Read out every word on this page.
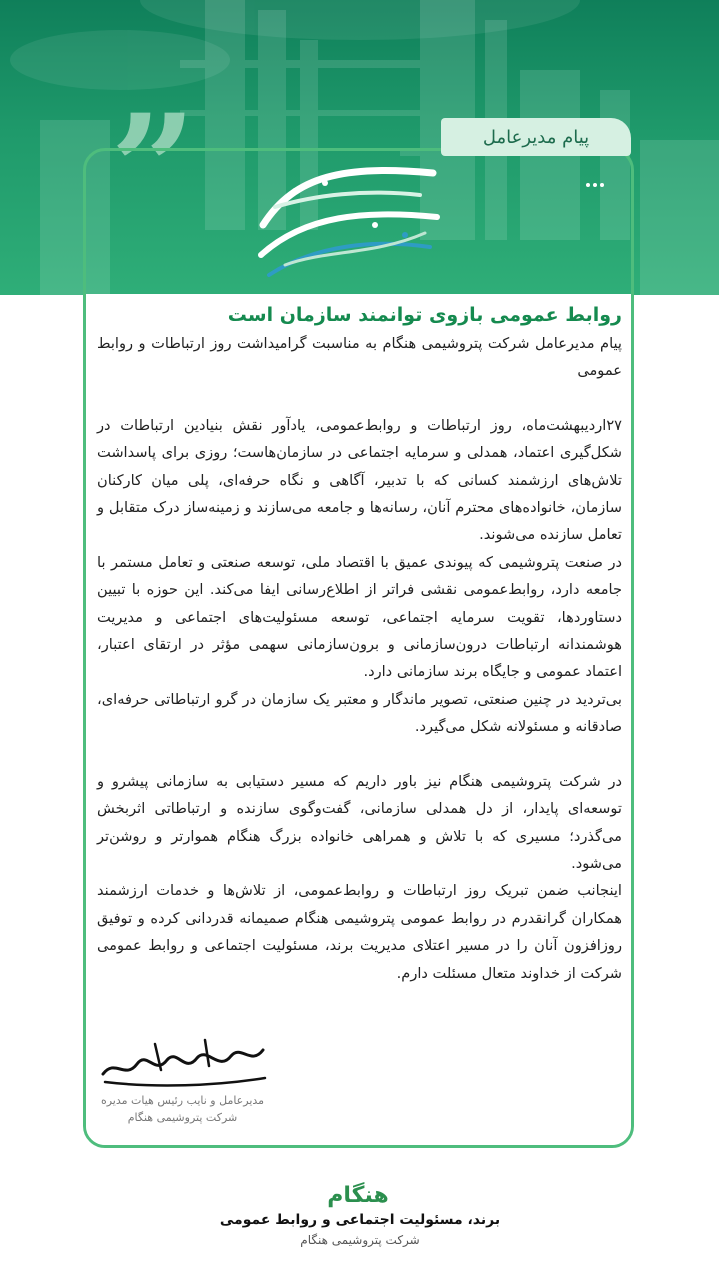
”	پیام مدیرعامل

روابط عمومی بازوی توانمند سازمان است

پیام مدیرعامل شرکت پتروشیمی هنگام به مناسبت گرامیداشت روز ارتباطات و روابط عمومی

۲۷اردیبهشت‌ماه، روز ارتباطات و روابط‌عمومی، یادآور نقش بنیادین ارتباطات در شکل‌گیری اعتماد، همدلی و سرمایه اجتماعی در سازمان‌هاست؛ روزی برای پاسداشت تلاش‌های ارزشمند کسانی که با تدبیر، آگاهی و نگاه حرفه‌ای، پلی میان کارکنان سازمان، خانواده‌های محترم آنان، رسانه‌ها و جامعه می‌سازند و زمینه‌ساز درک متقابل و تعامل سازنده می‌شوند.

در صنعت پتروشیمی که پیوندی عمیق با اقتصاد ملی، توسعه صنعتی و تعامل مستمر با جامعه دارد، روابط‌عمومی نقشی فراتر از اطلاع‌رسانی ایفا می‌کند. این حوزه با تبیین دستاوردها، تقویت سرمایه اجتماعی، توسعه مسئولیت‌های اجتماعی و مدیریت هوشمندانه ارتباطات درون‌سازمانی و برون‌سازمانی سهمی مؤثر در ارتقای اعتبار، اعتماد عمومی و جایگاه برند سازمانی دارد.

بی‌تردید در چنین صنعتی، تصویر ماندگار و معتبر یک سازمان در گرو ارتباطاتی حرفه‌ای، صادقانه و مسئولانه شکل می‌گیرد.

در شرکت پتروشیمی هنگام نیز باور داریم که مسیر دستیابی به سازمانی پیشرو و توسعه‌ای پایدار، از دل همدلی سازمانی، گفت‌وگوی سازنده و ارتباطاتی اثربخش می‌گذرد؛ مسیری که با تلاش و همراهی خانواده بزرگ هنگام هموارتر و روشن‌تر می‌شود.

اینجانب ضمن تبریک روز ارتباطات و روابط‌عمومی، از تلاش‌ها و خدمات ارزشمند همکاران گرانقدرم در روابط عمومی پتروشیمی هنگام صمیمانه قدردانی کرده و توفیق روزافزون آنان را در مسیر اعتلای مدیریت برند، مسئولیت اجتماعی و روابط عمومی شرکت از خداوند متعال مسئلت دارم.

مدیرعامل و نایب رئیس هیات مدیره
شرکت پتروشیمی هنگام
هنگام
برند، مسئولیت اجتماعی و روابط عمومی
شرکت پتروشیمی هنگام
